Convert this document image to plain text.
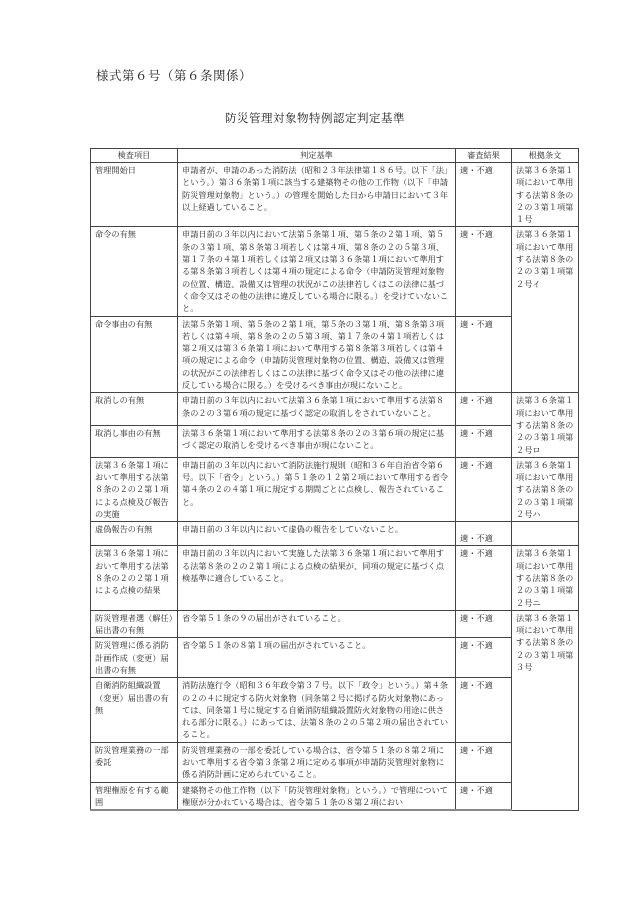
様式第６号（第６条関係）
防災管理対象物特例認定判定基準
検査項目	判定基準	審査結果	根拠条文
管理開始日	申請者が、申請のあった消防法（昭和２３年法律第１８６号。以下「法」という。）第３６条第１項に該当する建築物その他の工作物（以下「申請防災管理対象物」という。）の管理を開始した日から申請日において３年以上経過していること。	適・不適	法第３６条第１項において準用する法第８条の２の３第１項第１号
命令の有無	申請日前の３年以内において法第５条第１項、第５条の２第１項、第５条の３第１項、第８条第３項若しくは第４項、第８条の２の５第３項、第１７条の４第１項若しくは第２項又は第３６条第１項において準用する第８条第３項若しくは第４項の規定による命令（申請防災管理対象物の位置、構造、設備又は管理の状況がこの法律若しくはこの法律に基づく命令又はその他の法律に違反している場合に限る。）を受けていないこと。	適・不適	法第３６条第１項において準用する法第８条の２の３第１項第２号イ
命令事由の有無	法第５条第１項、第５条の２第１項、第５条の３第１項、第８条第３項若しくは第４項、第８条の２の５第３項、第１７条の４第１項若しくは第２項又は第３６条第１項において準用する第８条第３項若しくは第４項の規定による命令（申請防災管理対象物の位置、構造、設備又は管理の状況がこの法律若しくはこの法律に基づく命令又はその他の法律に違反している場合に限る。）を受けるべき事由が現にないこと。	適・不適	
取消しの有無	申請日前の３年以内において法第３６条第１項において準用する法第８条の２の３第６項の規定に基づく認定の取消しをされていないこと。	適・不適	法第３６条第１項において準用する法第８条の２の３第１項第２号ロ
取消し事由の有無	法第３６条第１項において準用する法第８条の２の３第６項の規定に基づく認定の取消しを受けるべき事由が現にないこと。	適・不適	
法第３６条第１項において準用する法第８条の２の２第１項による点検及び報告の実施	申請日前の３年以内において消防法施行規則（昭和３６年自治省令第６号。以下「省令」という。）第５１条の１２第２項において準用する省令第４条の２の４第１項に規定する期間ごとに点検し、報告されていること。	適・不適	法第３６条第１項において準用する法第８条の２の３第１項第２号ハ
虚偽報告の有無	申請日前の３年以内において虚偽の報告をしていないこと。	適・不適	
法第３６条第１項において準用する法第８条の２の２第１項による点検の結果	申請日前の３年以内において実施した法第３６条第１項において準用する法第８条の２の２第１項による点検の結果が、同項の規定に基づく点検基準に適合していること。	適・不適	法第３６条第１項において準用する法第８条の２の３第１項第２号ニ
防災管理者選（解任）届出書の有無	省令第５１条の９の届出がされていること。	適・不適	法第３６条第１項において準用する法第８条の２の３第１項第３号
防災管理に係る消防計画作成（変更）届出書の有無	省令第５１条の８第１項の届出がされていること。	適・不適	
自衛消防組織設置（変更）届出書の有無	消防法施行令（昭和３６年政令第３７号。以下「政令」という。）第４条の２の４に規定する防火対象物（同条第２号に掲げる防火対象物にあっては、同条第１号に規定する自衛消防組織設置防火対象物の用途に供される部分に限る。）にあっては、法第８条の２の５第２項の届出されていること。	適・不適	
防災管理業務の一部委託	防災管理業務の一部を委託している場合は、省令第５１条の８第２項において準用する省令第３条第２項に定める事項が申請防災管理対象物に係る消防計画に定められていること。	適・不適	
管理権原を有する範囲	建築物その他工作物（以下「防災管理対象物」という。）で管理について権原が分かれている場合は、省令第５１条の８第２項におい	適・不適	
